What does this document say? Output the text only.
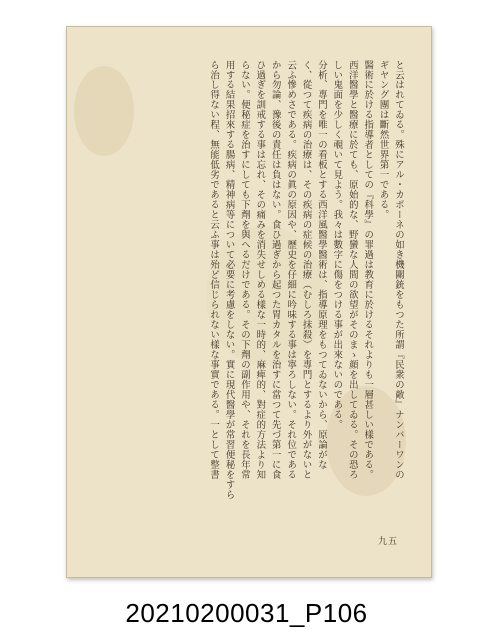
と云はれてゐる。殊にアル・カポーネの如き機關銃をもつた所謂『民衆の敵』ナンバーワンの
ギヤング團は斷然世界第一である。
醫術に於ける指導者としての『科學』の罪過は教育に於けるそれよりも一層甚しい樣である。
西洋醫學と醫療に於ても、原始的な、野蠻な人間の欲望がそのまゝ顔を出してゐる。その恐ろ
しい鬼面を少しく覗いて見よう。我々は數字に傷をつける事が出來ないのである。
分析、專門を唯一の看板とする西洋風醫學醫術は、指導原理をもつてゐないから、原論がな
く、從つて疾病の治療は、その疾病の症候の治療（むしろ抹殺）を專門とするより外がないと
云ふ慘めさである。疾病の眞の原因や、歷史を仔細に吟味する事は寧ろしない。それ位である
から勿論、豫後の責任は負はない。食ひ過ぎから起つた胃カタルを治すに當つて先づ第一に食
ひ過ぎを訓戒する事は忘れ、その痛みを消失せしめる樣な一時的、麻痺的、對症的方法より知
らない。便秘症を治すにしても下劑を與へるだけである。その下劑の副作用や、それを長年常
用する結果招來する腸病、精神病等について必要に考慮をしない。實に現代醫學が常習便秘をすら
ら治し得ない程、無能低劣であると云ふ事は殆ど信じられない樣な事實である。一として整書
九五
20210200031_P106
